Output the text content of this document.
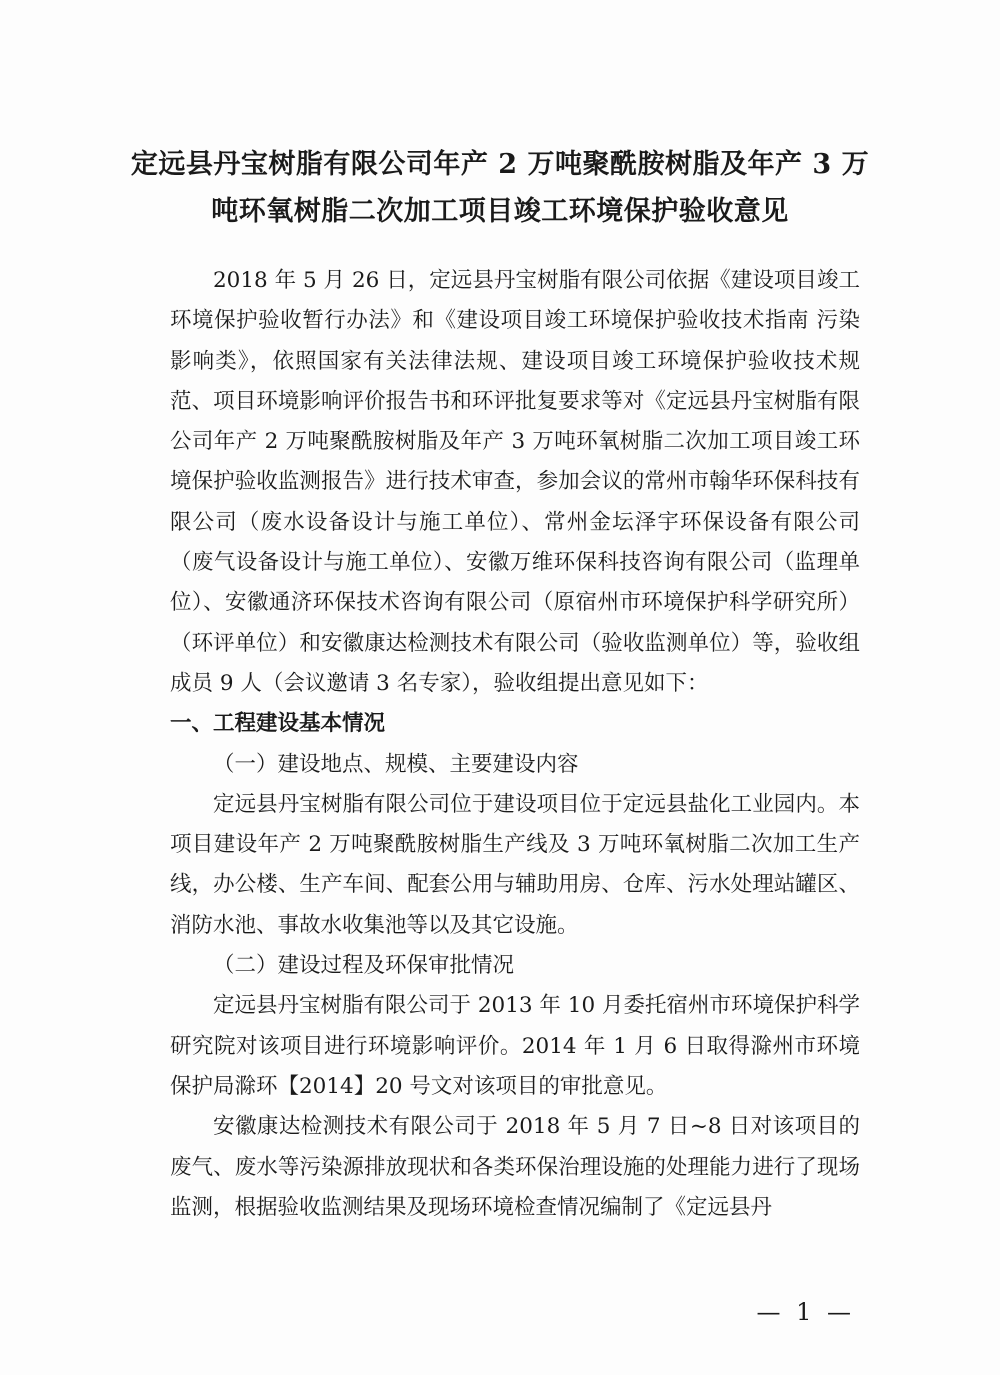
定远县丹宝树脂有限公司年产 2 万吨聚酰胺树脂及年产 3 万
吨环氧树脂二次加工项目竣工环境保护验收意见

2018 年 5 月 26 日，定远县丹宝树脂有限公司依据《建设项目竣工环境保护验收暂行办法》和《建设项目竣工环境保护验收技术指南 污染影响类》，依照国家有关法律法规、建设项目竣工环境保护验收技术规范、项目环境影响评价报告书和环评批复要求等对《定远县丹宝树脂有限公司年产 2 万吨聚酰胺树脂及年产 3 万吨环氧树脂二次加工项目竣工环境保护验收监测报告》进行技术审查，参加会议的常州市翰华环保科技有限公司（废水设备设计与施工单位）、常州金坛泽宇环保设备有限公司（废气设备设计与施工单位）、安徽万维环保科技咨询有限公司（监理单位）、安徽通济环保技术咨询有限公司（原宿州市环境保护科学研究所）（环评单位）和安徽康达检测技术有限公司（验收监测单位）等，验收组成员 9 人（会议邀请 3 名专家），验收组提出意见如下：

一、工程建设基本情况

（一）建设地点、规模、主要建设内容

定远县丹宝树脂有限公司位于建设项目位于定远县盐化工业园内。本项目建设年产 2 万吨聚酰胺树脂生产线及 3 万吨环氧树脂二次加工生产线，办公楼、生产车间、配套公用与辅助用房、仓库、污水处理站罐区、消防水池、事故水收集池等以及其它设施。

（二）建设过程及环保审批情况

定远县丹宝树脂有限公司于 2013 年 10 月委托宿州市环境保护科学研究院对该项目进行环境影响评价。2014 年 1 月 6 日取得滁州市环境保护局滁环【2014】20 号文对该项目的审批意见。

安徽康达检测技术有限公司于 2018 年 5 月 7 日~8 日对该项目的废气、废水等污染源排放现状和各类环保治理设施的处理能力进行了现场监测，根据验收监测结果及现场环境检查情况编制了《定远县丹

— 1 —
